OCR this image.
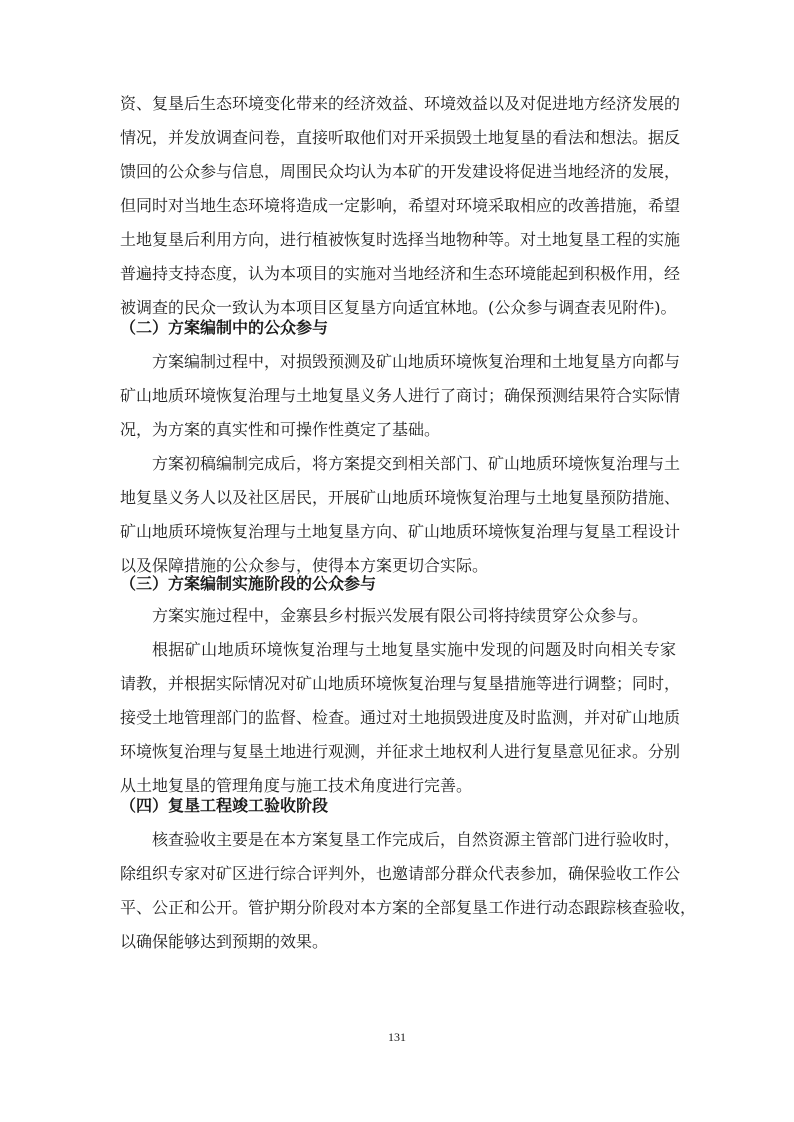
资、复垦后生态环境变化带来的经济效益、环境效益以及对促进地方经济发展的
情况，并发放调查问卷，直接听取他们对开采损毁土地复垦的看法和想法。据反
馈回的公众参与信息，周围民众均认为本矿的开发建设将促进当地经济的发展，
但同时对当地生态环境将造成一定影响，希望对环境采取相应的改善措施，希望
土地复垦后利用方向，进行植被恢复时选择当地物种等。对土地复垦工程的实施
普遍持支持态度，认为本项目的实施对当地经济和生态环境能起到积极作用，经
被调查的民众一致认为本项目区复垦方向适宜林地。(公众参与调查表见附件)。
（二）方案编制中的公众参与
方案编制过程中，对损毁预测及矿山地质环境恢复治理和土地复垦方向都与
矿山地质环境恢复治理与土地复垦义务人进行了商讨；确保预测结果符合实际情
况，为方案的真实性和可操作性奠定了基础。
方案初稿编制完成后，将方案提交到相关部门、矿山地质环境恢复治理与土
地复垦义务人以及社区居民，开展矿山地质环境恢复治理与土地复垦预防措施、
矿山地质环境恢复治理与土地复垦方向、矿山地质环境恢复治理与复垦工程设计
以及保障措施的公众参与，使得本方案更切合实际。
（三）方案编制实施阶段的公众参与
方案实施过程中，金寨县乡村振兴发展有限公司将持续贯穿公众参与。
根据矿山地质环境恢复治理与土地复垦实施中发现的问题及时向相关专家
请教，并根据实际情况对矿山地质环境恢复治理与复垦措施等进行调整；同时，
接受土地管理部门的监督、检查。通过对土地损毁进度及时监测，并对矿山地质
环境恢复治理与复垦土地进行观测，并征求土地权利人进行复垦意见征求。分别
从土地复垦的管理角度与施工技术角度进行完善。
（四）复垦工程竣工验收阶段
核查验收主要是在本方案复垦工作完成后，自然资源主管部门进行验收时，
除组织专家对矿区进行综合评判外，也邀请部分群众代表参加，确保验收工作公
平、公正和公开。管护期分阶段对本方案的全部复垦工作进行动态跟踪核查验收，
以确保能够达到预期的效果。
131
